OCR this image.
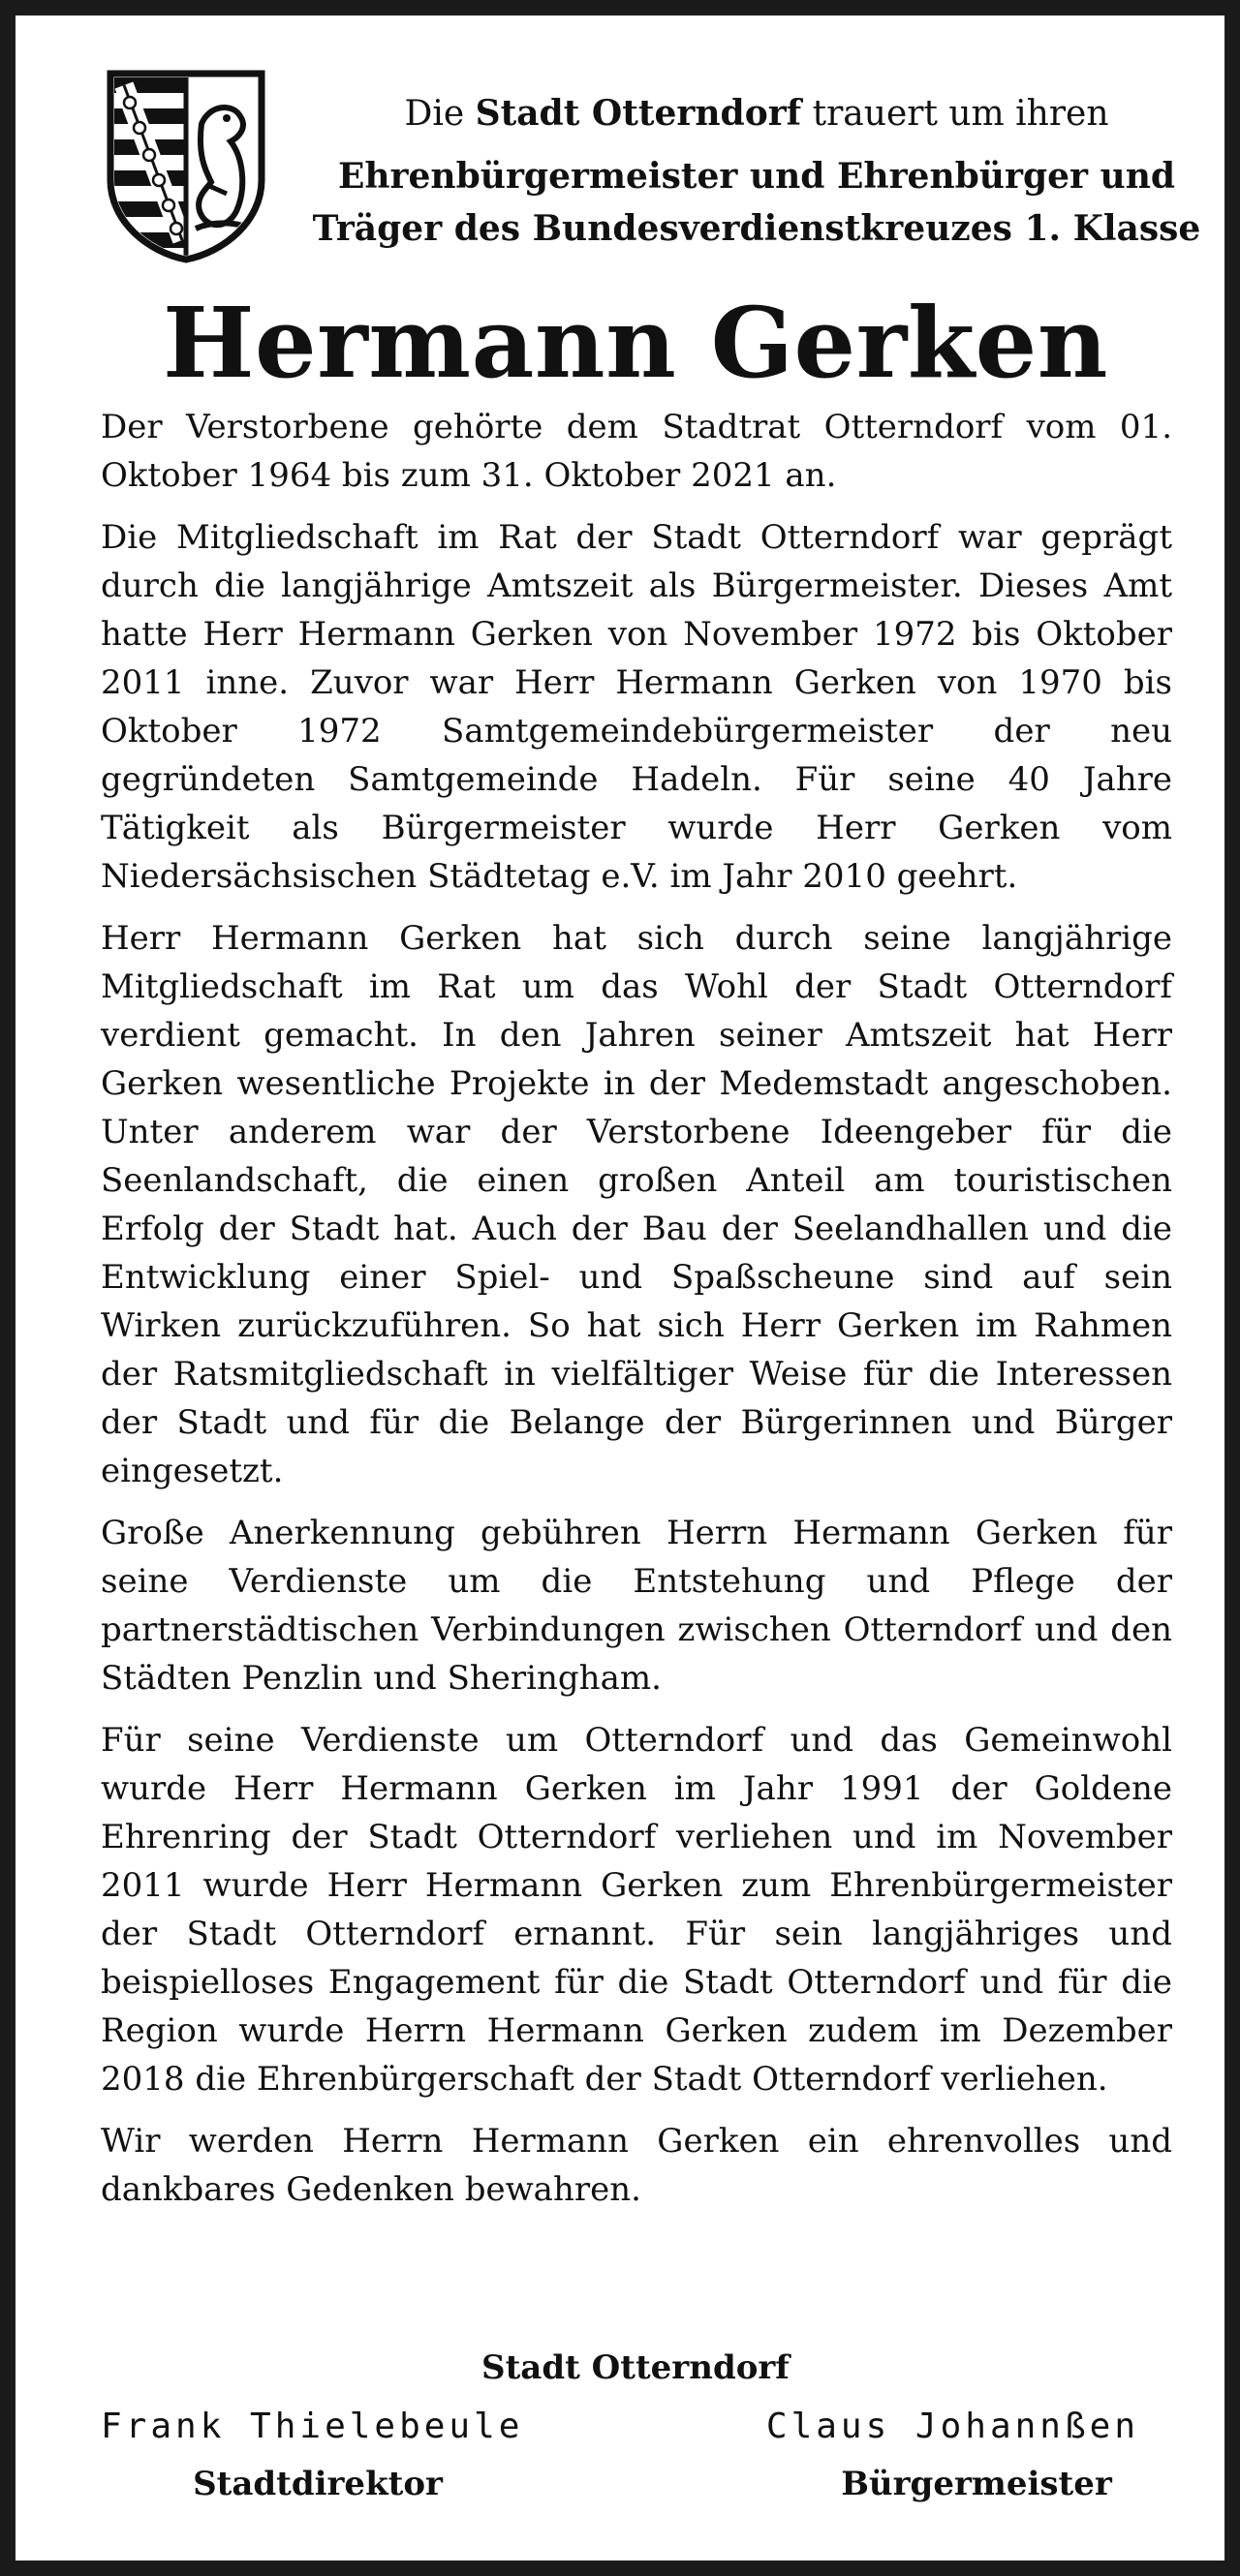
Die Stadt Otterndorf trauert um ihren

Ehrenbürgermeister und Ehrenbürger und Träger des Bundesverdienstkreuzes 1. Klasse

Hermann Gerken

Der Verstorbene gehörte dem Stadtrat Otterndorf vom 01. Oktober 1964 bis zum 31. Oktober 2021 an.

Die Mitgliedschaft im Rat der Stadt Otterndorf war geprägt durch die langjährige Amtszeit als Bürgermeister. Dieses Amt hatte Herr Hermann Gerken von November 1972 bis Oktober 2011 inne. Zuvor war Herr Hermann Gerken von 1970 bis Oktober 1972 Samtgemeindebürgermeister der neu gegründeten Samtgemeinde Hadeln. Für seine 40 Jahre Tätigkeit als Bürgermeister wurde Herr Gerken vom Niedersächsischen Städtetag e.V. im Jahr 2010 geehrt.

Herr Hermann Gerken hat sich durch seine langjährige Mitgliedschaft im Rat um das Wohl der Stadt Otterndorf verdient gemacht. In den Jahren seiner Amtszeit hat Herr Gerken wesentliche Projekte in der Medemstadt angeschoben. Unter anderem war der Verstorbene Ideengeber für die Seenlandschaft, die einen großen Anteil am touristischen Erfolg der Stadt hat. Auch der Bau der Seelandhallen und die Entwicklung einer Spiel- und Spaßscheune sind auf sein Wirken zurückzuführen. So hat sich Herr Gerken im Rahmen der Ratsmitgliedschaft in vielfältiger Weise für die Interessen der Stadt und für die Belange der Bürgerinnen und Bürger eingesetzt.

Große Anerkennung gebühren Herrn Hermann Gerken für seine Verdienste um die Entstehung und Pflege der partnerstädtischen Verbindungen zwischen Otterndorf und den Städten Penzlin und Sheringham.

Für seine Verdienste um Otterndorf und das Gemeinwohl wurde Herr Hermann Gerken im Jahr 1991 der Goldene Ehrenring der Stadt Otterndorf verliehen und im November 2011 wurde Herr Hermann Gerken zum Ehrenbürgermeister der Stadt Otterndorf ernannt. Für sein langjähriges und beispielloses Engagement für die Stadt Otterndorf und für die Region wurde Herrn Hermann Gerken zudem im Dezember 2018 die Ehrenbürgerschaft der Stadt Otterndorf verliehen.

Wir werden Herrn Hermann Gerken ein ehrenvolles und dankbares Gedenken bewahren.

Stadt Otterndorf

Frank Thielebeule	Claus Johannßen

Stadtdirektor	Bürgermeister
